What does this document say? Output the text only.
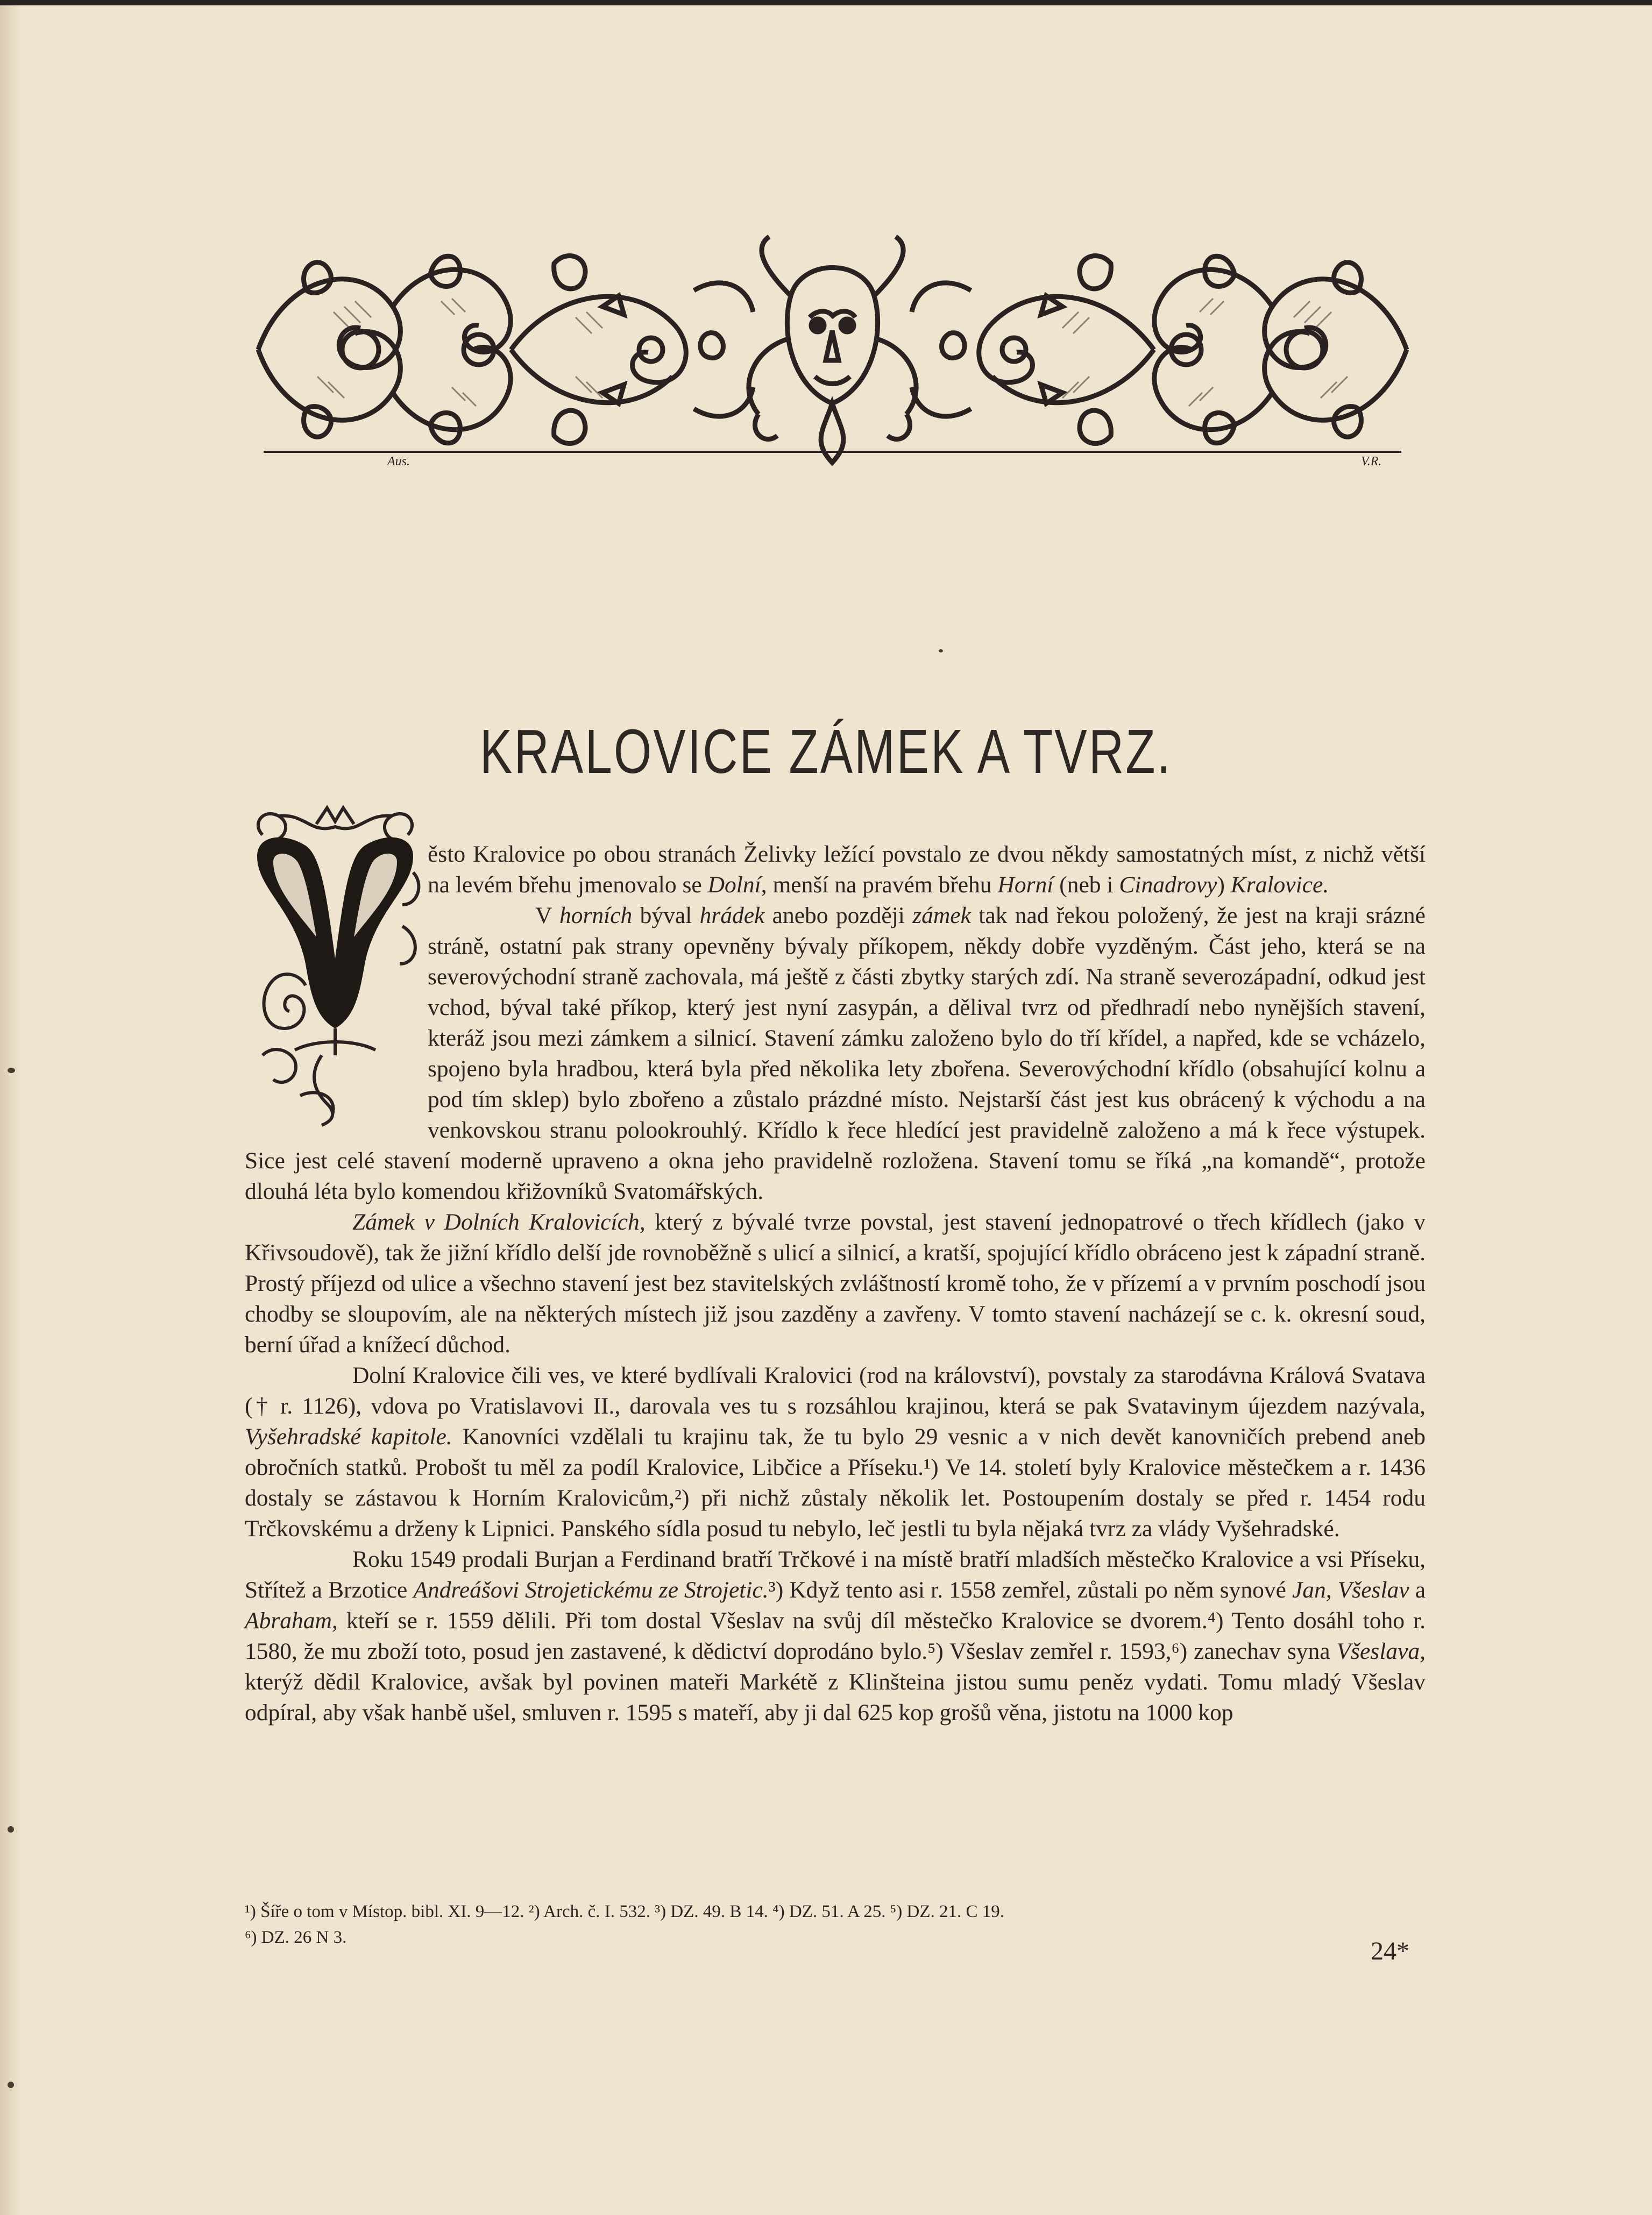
Aus.	V.R.
KRALOVICE ZÁMEK A TVRZ.

ěsto Kralovice po obou stranách Želivky ležící povstalo ze dvou někdy samostatných míst, z nichž větší na levém břehu jmenovalo se Dolní, menší na pravém břehu Horní (neb i Cinadrovy) Kralovice.

V horních býval hrádek anebo později zámek tak nad řekou položený, že jest na kraji srázné stráně, ostatní pak strany opevněny bývaly příkopem, někdy dobře vyzděným. Část jeho, která se na severovýchodní straně zachovala, má ještě z části zbytky starých zdí. Na straně severozápadní, odkud jest vchod, býval také příkop, který jest nyní zasypán, a dělival tvrz od předhradí nebo nynějších stavení, kteráž jsou mezi zámkem a silnicí. Stavení zámku založeno bylo do tří křídel, a napřed, kde se vcházelo, spojeno byla hradbou, která byla před několika lety zbořena. Severovýchodní křídlo (obsahující kolnu a pod tím sklep) bylo zbořeno a zůstalo prázdné místo. Nejstarší část jest kus obrácený k východu a na venkovskou stranu polookrouhlý. Křídlo k řece hledící jest pravidelně založeno a má k řece výstupek. Sice jest celé stavení moderně upraveno a okna jeho pravidelně rozložena. Stavení tomu se říká „na komandě“, protože dlouhá léta bylo komendou křižovníků Svatomářských.

Zámek v Dolních Kralovicích, který z bývalé tvrze povstal, jest stavení jednopatrové o třech křídlech (jako v Křivsoudově), tak že jižní křídlo delší jde rovnoběžně s ulicí a silnicí, a kratší, spojující křídlo obráceno jest k západní straně. Prostý příjezd od ulice a všechno stavení jest bez stavitelských zvláštností kromě toho, že v přízemí a v prvním poschodí jsou chodby se sloupovím, ale na některých místech již jsou zazděny a zavřeny. V tomto stavení nacházejí se c. k. okresní soud, berní úřad a knížecí důchod.

Dolní Kralovice čili ves, ve které bydlívali Kralovici (rod na království), povstaly za starodávna Králová Svatava († r. 1126), vdova po Vratislavovi II., darovala ves tu s rozsáhlou krajinou, která se pak Svatavinym újezdem nazývala, Vyšehradské kapitole. Kanovníci vzdělali tu krajinu tak, že tu bylo 29 vesnic a v nich devět kanovničích prebend aneb obročních statků. Probošt tu měl za podíl Kralovice, Libčice a Příseku.¹) Ve 14. století byly Kralovice městečkem a r. 1436 dostaly se zástavou k Horním Kralovicům,²) při nichž zůstaly několik let. Postoupením dostaly se před r. 1454 rodu Trčkovskému a drženy k Lipnici. Panského sídla posud tu nebylo, leč jestli tu byla nějaká tvrz za vlády Vyšehradské.

Roku 1549 prodali Burjan a Ferdinand bratří Trčkové i na místě bratří mladších městečko Kralovice a vsi Příseku, Střítež a Brzotice Andreášovi Strojetickému ze Strojetic.³) Když tento asi r. 1558 zemřel, zůstali po něm synové Jan, Všeslav a Abraham, kteří se r. 1559 dělili. Při tom dostal Všeslav na svůj díl městečko Kralovice se dvorem.⁴) Tento dosáhl toho r. 1580, že mu zboží toto, posud jen zastavené, k dědictví doprodáno bylo.⁵) Všeslav zemřel r. 1593,⁶) zanechav syna Všeslava, kterýž dědil Kralovice, avšak byl povinen mateři Markétě z Klinšteina jistou sumu peněz vydati. Tomu mladý Všeslav odpíral, aby však hanbě ušel, smluven r. 1595 s mateří, aby ji dal 625 kop grošů věna, jistotu na 1000 kop

¹) Šíře o tom v Místop. bibl. XI. 9—12. ²) Arch. č. I. 532. ³) DZ. 49. B 14. ⁴) DZ. 51. A 25. ⁵) DZ. 21. C 19.

⁶) DZ. 26 N 3.	24*
